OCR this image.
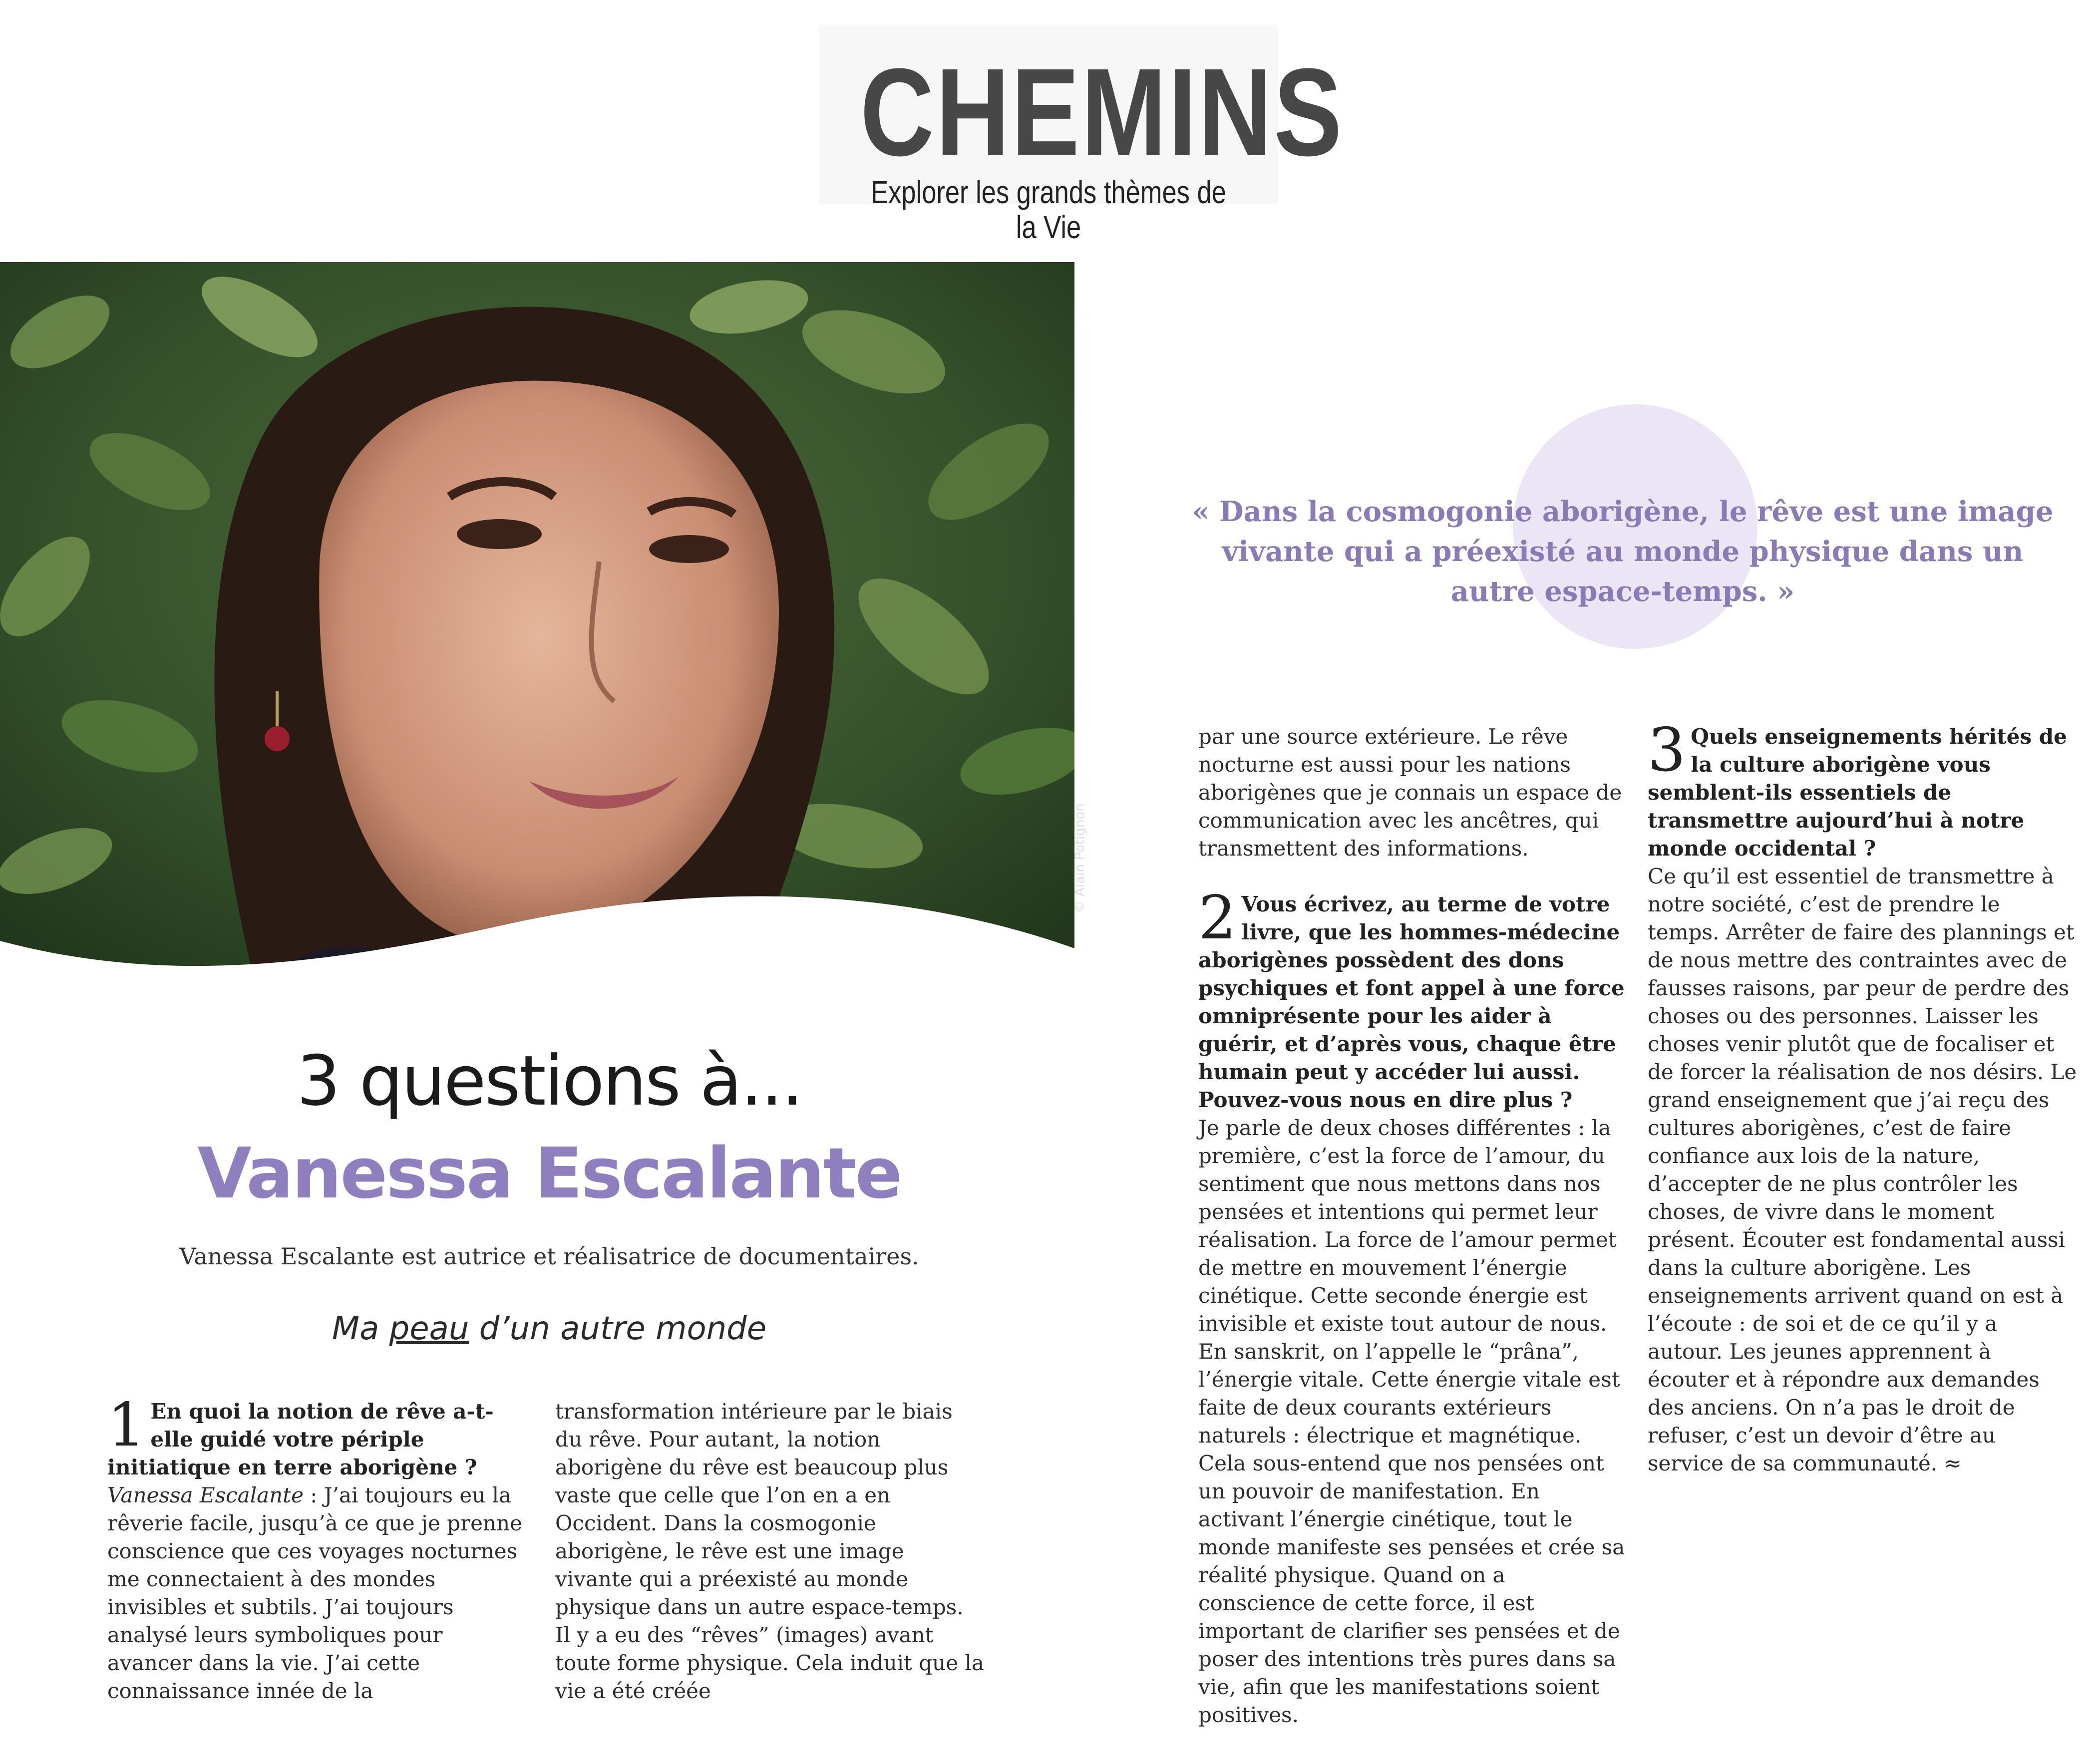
CHEMINS
Explorer les grands thèmes de la Vie
© Alain Potignon
3 questions à...
Vanessa Escalante
Vanessa Escalante est autrice et réalisatrice de documentaires.
Ma peau d’un autre monde
« Dans la cosmogonie aborigène, le rêve est une image vivante qui a préexisté au monde physique dans un autre espace-temps. »

1 En quoi la notion de rêve a-t-elle guidé votre périple initiatique en terre aborigène ?

Vanessa Escalante : J’ai toujours eu la rêverie facile, jusqu’à ce que je prenne conscience que ces voyages nocturnes me connectaient à des mondes invisibles et subtils. J’ai toujours analysé leurs symboliques pour avancer dans la vie. J’ai cette connaissance innée de la

transformation intérieure par le biais du rêve. Pour autant, la notion aborigène du rêve est beaucoup plus vaste que celle que l’on en a en Occident. Dans la cosmogonie aborigène, le rêve est une image vivante qui a préexisté au monde physique dans un autre espace-temps. Il y a eu des “rêves” (images) avant toute forme physique. Cela induit que la vie a été créée

par une source extérieure. Le rêve nocturne est aussi pour les nations aborigènes que je connais un espace de communication avec les ancêtres, qui transmettent des informations.

2 Vous écrivez, au terme de votre livre, que les hommes-médecine aborigènes possèdent des dons psychiques et font appel à une force omniprésente pour les aider à guérir, et d’après vous, chaque être humain peut y accéder lui aussi. Pouvez-vous nous en dire plus ?

Je parle de deux choses différentes : la première, c’est la force de l’amour, du sentiment que nous mettons dans nos pensées et intentions qui permet leur réalisation. La force de l’amour permet de mettre en mouvement l’énergie cinétique. Cette seconde énergie est invisible et existe tout autour de nous. En sanskrit, on l’appelle le “prâna”, l’énergie vitale. Cette énergie vitale est faite de deux courants extérieurs naturels : électrique et magnétique. Cela sous-entend que nos pensées ont un pouvoir de manifestation. En activant l’énergie cinétique, tout le monde manifeste ses pensées et crée sa réalité physique. Quand on a conscience de cette force, il est important de clarifier ses pensées et de poser des intentions très pures dans sa vie, afin que les manifestations soient positives.

3 Quels enseignements hérités de la culture aborigène vous semblent-ils essentiels de transmettre aujourd’hui à notre monde occidental ?

Ce qu’il est essentiel de transmettre à notre société, c’est de prendre le temps. Arrêter de faire des plannings et de nous mettre des contraintes avec de fausses raisons, par peur de perdre des choses ou des personnes. Laisser les choses venir plutôt que de focaliser et de forcer la réalisation de nos désirs. Le grand enseignement que j’ai reçu des cultures aborigènes, c’est de faire confiance aux lois de la nature, d’accepter de ne plus contrôler les choses, de vivre dans le moment présent. Écouter est fondamental aussi dans la culture aborigène. Les enseignements arrivent quand on est à l’écoute : de soi et de ce qu’il y a autour. Les jeunes apprennent à écouter et à répondre aux demandes des anciens. On n’a pas le droit de refuser, c’est un devoir d’être au service de sa communauté. ≈
